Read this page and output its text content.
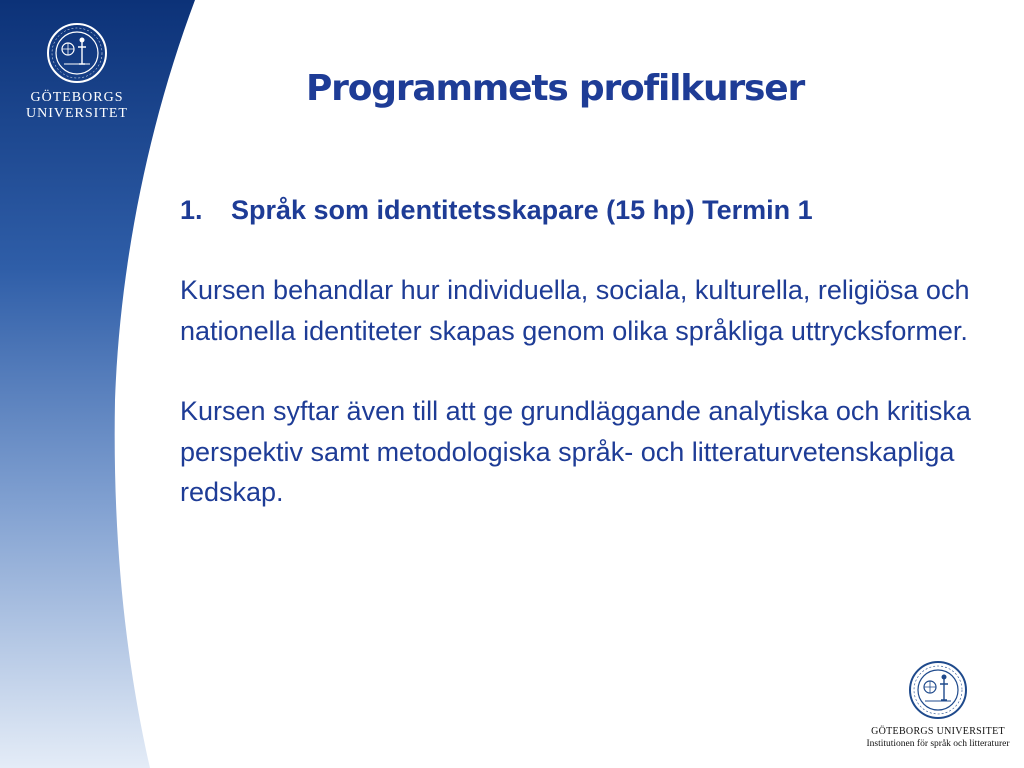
GÖTEBORGS
UNIVERSITET
Programmets profilkurser
1. Språk som identitetsskapare (15 hp) Termin 1
Kursen behandlar hur individuella, sociala, kulturella, religiösa och nationella identiteter skapas genom olika språkliga uttrycksformer.
Kursen syftar även till att ge grundläggande analytiska och kritiska perspektiv samt metodologiska språk- och litteraturvetenskapliga redskap.
GÖTEBORGS UNIVERSITET
Institutionen för språk och litteraturer
